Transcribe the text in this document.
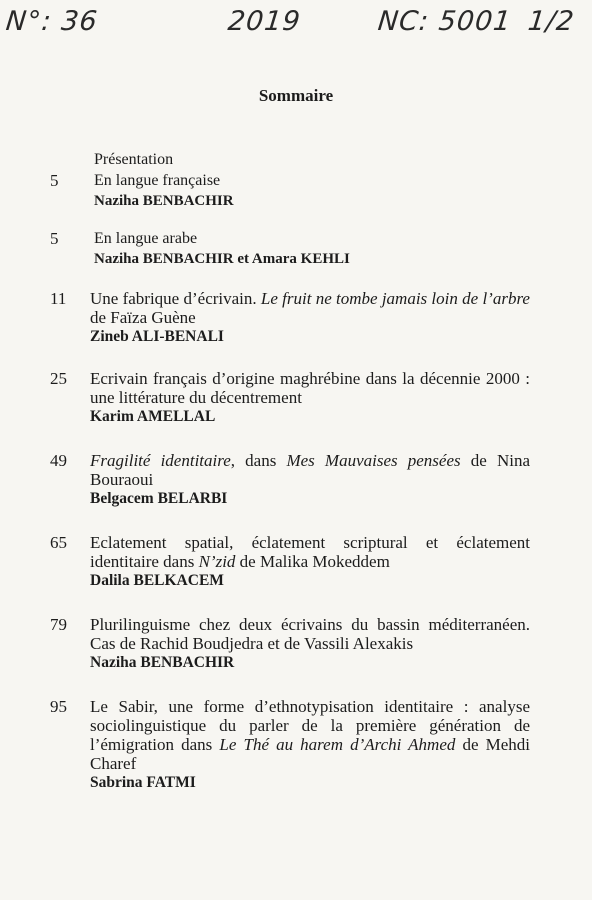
N°: 36	2019	NC: 5001 1/2
Sommaire
Présentation
5	En langue française
Naziha BENBACHIR
5	En langue arabe
Naziha BENBACHIR et Amara KEHLI
11	Une fabrique d’écrivain. Le fruit ne tombe jamais loin de l’arbre de Faïza Guène
Zineb ALI-BENALI
25	Ecrivain français d’origine maghrébine dans la décennie 2000 : une littérature du décentrement
Karim AMELLAL
49	Fragilité identitaire, dans Mes Mauvaises pensées de Nina Bouraoui
Belgacem BELARBI
65	Eclatement spatial, éclatement scriptural et éclatement identitaire dans N’zid de Malika Mokeddem
Dalila BELKACEM
79	Plurilinguisme chez deux écrivains du bassin méditerranéen. Cas de Rachid Boudjedra et de Vassili Alexakis
Naziha BENBACHIR
95	Le Sabir, une forme d’ethnotypisation identitaire : analyse sociolinguistique du parler de la première génération de l’émigration dans Le Thé au harem d’Archi Ahmed de Mehdi Charef
Sabrina FATMI
